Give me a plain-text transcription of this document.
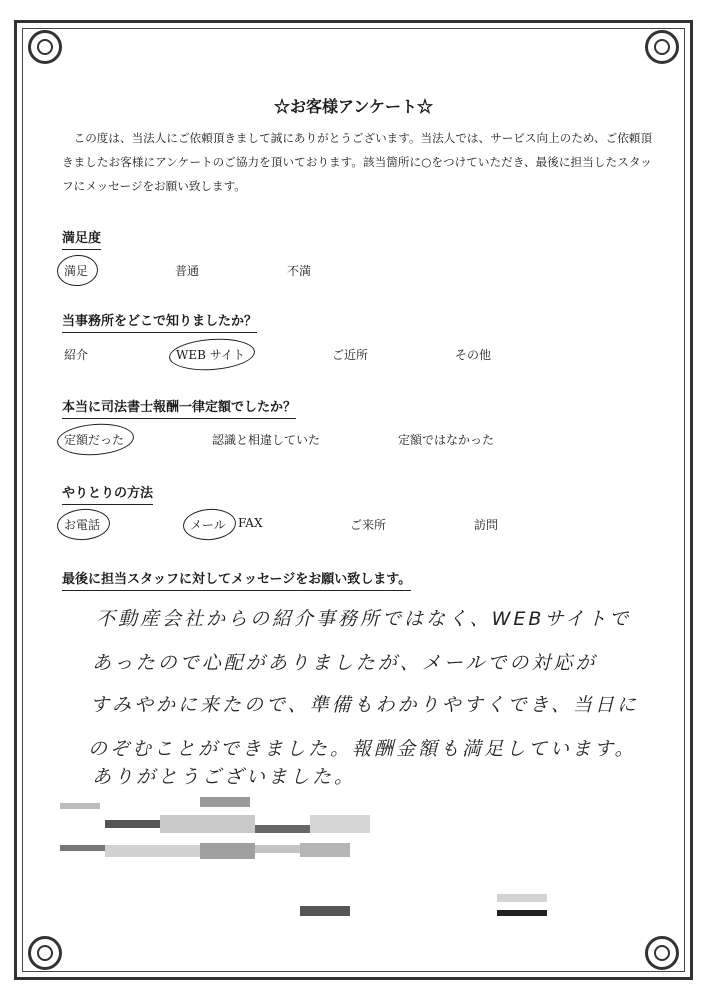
☆お客様アンケート☆
この度は、当法人にご依頼頂きまして誠にありがとうございます。当法人では、サービス向上のため、ご依頼頂きましたお客様にアンケートのご協力を頂いております。該当箇所に○をつけていただき、最後に担当したスタッフにメッセージをお願い致します。
満足度
満足	普通	不満
当事務所をどこで知りましたか？
紹介	WEB サイト	ご近所	その他
本当に司法書士報酬一律定額でしたか？
定額だった	認識と相違していた	定額ではなかった
やりとりの方法
お電話	メール FAX	ご来所	訪問
最後に担当スタッフに対してメッセージをお願い致します。
不動産会社からの紹介事務所ではなく、WEBサイトで
あったので心配がありましたが、メールでの対応が
すみやかに来たので、準備もわかりやすくでき、当日に
のぞむことができました。報酬金額も満足しています。
ありがとうございました。
